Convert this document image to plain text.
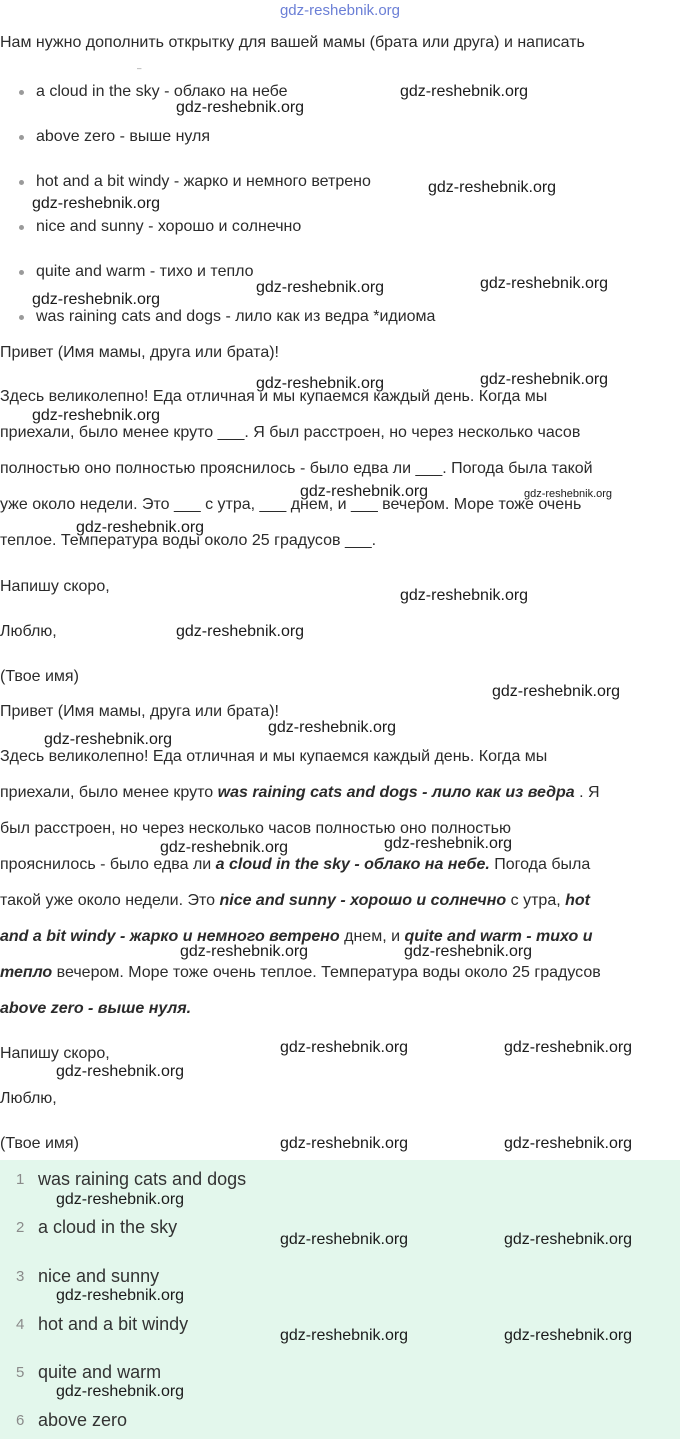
gdz-reshebnik.org
Нам нужно дополнить открытку для вашей мамы (брата или друга) и написать
–
a cloud in the sky - облако на небе
above zero - выше нуля
hot and a bit windy - жарко и немного ветрено
nice and sunny - хорошо и солнечно
quite and warm - тихо и тепло
was raining cats and dogs - лило как из ведра *идиома
Привет (Имя мамы, друга или брата)!
Здесь великолепно! Еда отличная и мы купаемся каждый день. Когда мы
приехали, было менее круто ___. Я был расстроен, но через несколько часов
полностью оно полностью прояснилось - было едва ли ___. Погода была такой
уже около недели. Это ___ с утра, ___ днем, и ___ вечером. Море тоже очень
теплое. Температура воды около 25 градусов ___.
Напишу скоро,
Люблю,
(Твое имя)
Привет (Имя мамы, друга или брата)!
Здесь великолепно! Еда отличная и мы купаемся каждый день. Когда мы
приехали, было менее круто was raining cats and dogs - лило как из ведра . Я
был расстроен, но через несколько часов полностью оно полностью
прояснилось - было едва ли a cloud in the sky - облако на небе. Погода была
такой уже около недели. Это nice and sunny - хорошо и солнечно с утра, hot
and a bit windy - жарко и немного ветрено днем, и quite and warm - тихо и
тепло вечером. Море тоже очень теплое. Температура воды около 25 градусов
above zero - выше нуля.
Напишу скоро,
Люблю,
(Твое имя)
1 was raining cats and dogs
2 a cloud in the sky
3 nice and sunny
4 hot and a bit windy
5 quite and warm
6 above zero
gdz-reshebnik.org
gdz-reshebnik.org
gdz-reshebnik.org
gdz-reshebnik.org
gdz-reshebnik.org
gdz-reshebnik.org
gdz-reshebnik.org
gdz-reshebnik.org
gdz-reshebnik.org
gdz-reshebnik.org
gdz-reshebnik.org	gdz-reshebnik.org
gdz-reshebnik.org
gdz-reshebnik.org
gdz-reshebnik.org
gdz-reshebnik.org
gdz-reshebnik.org
gdz-reshebnik.org
gdz-reshebnik.org
gdz-reshebnik.org
gdz-reshebnik.org	gdz-reshebnik.org
gdz-reshebnik.org	gdz-reshebnik.org
gdz-reshebnik.org
gdz-reshebnik.org	gdz-reshebnik.org
gdz-reshebnik.org
gdz-reshebnik.org	gdz-reshebnik.org
gdz-reshebnik.org
gdz-reshebnik.org	gdz-reshebnik.org
gdz-reshebnik.org
